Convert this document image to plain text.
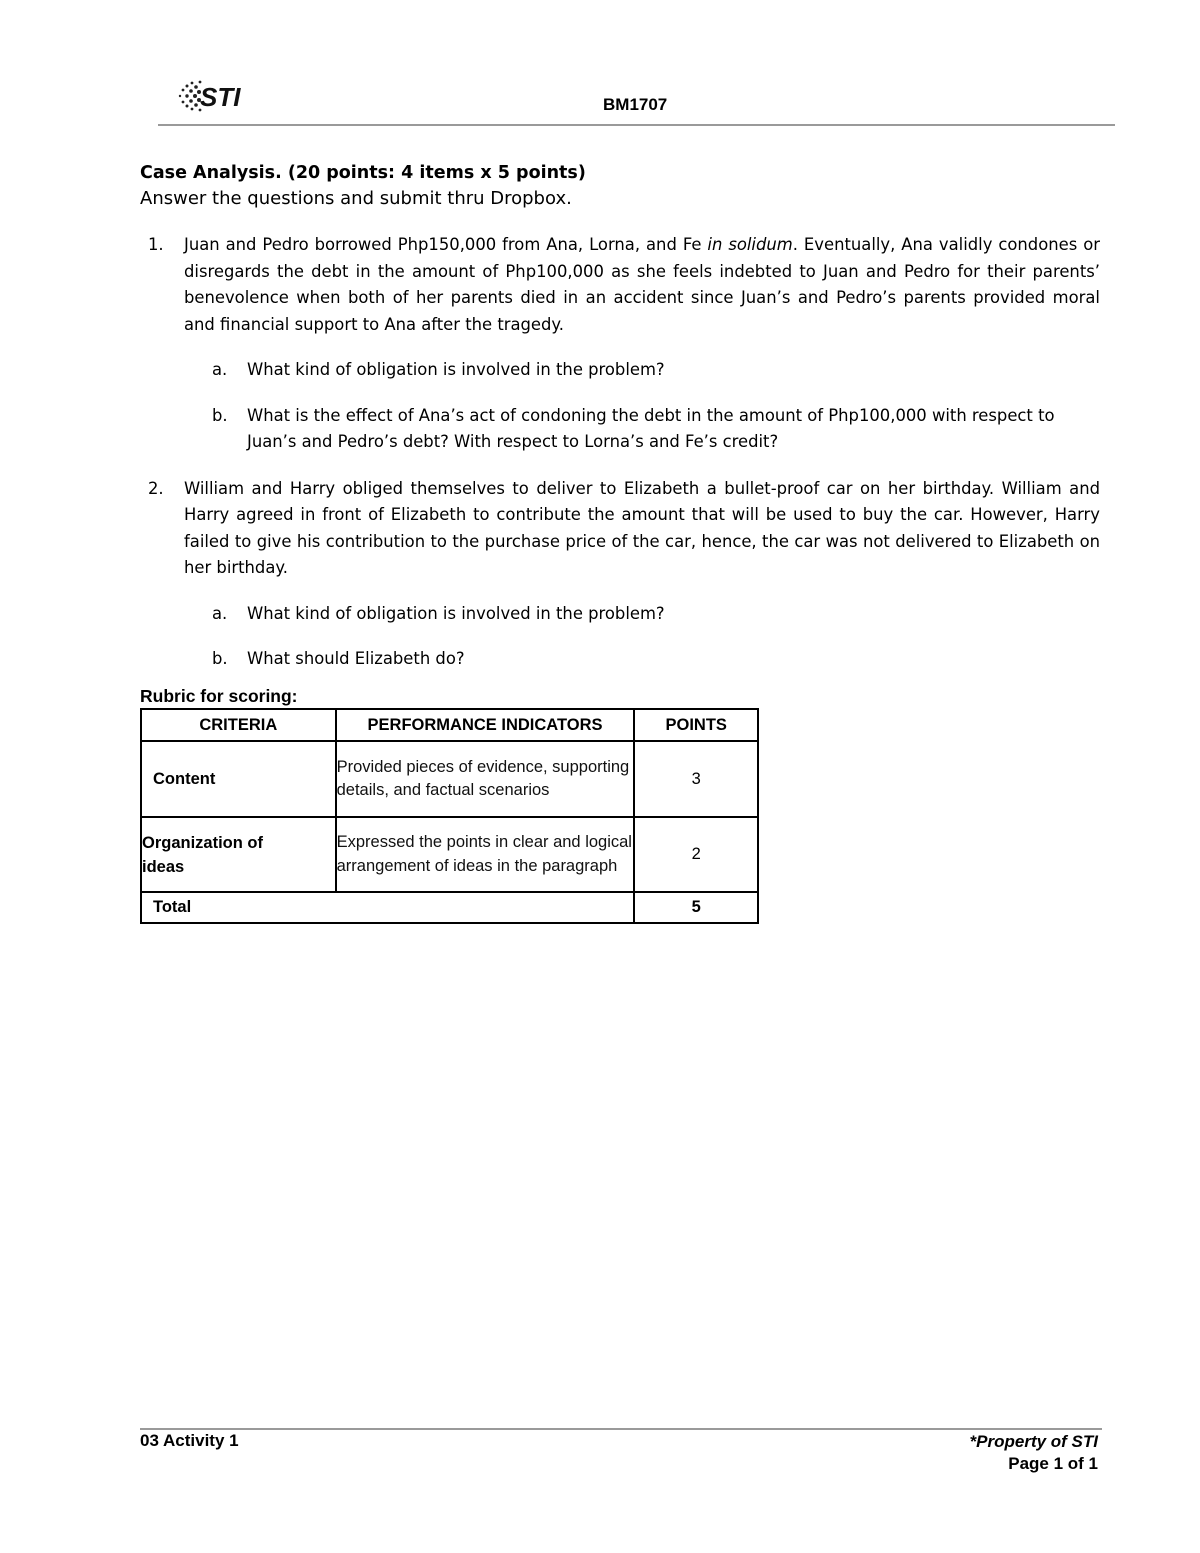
STI	BM1707

Case Analysis. (20 points: 4 items x 5 points)

Answer the questions and submit thru Dropbox.

1. Juan and Pedro borrowed Php150,000 from Ana, Lorna, and Fe in solidum. Eventually, Ana validly condones or disregards the debt in the amount of Php100,000 as she feels indebted to Juan and Pedro for their parents’ benevolence when both of her parents died in an accident since Juan’s and Pedro’s parents provided moral and financial support to Ana after the tragedy.
a. What kind of obligation is involved in the problem?
b. What is the effect of Ana’s act of condoning the debt in the amount of Php100,000 with respect to Juan’s and Pedro’s debt? With respect to Lorna’s and Fe’s credit?
2. William and Harry obliged themselves to deliver to Elizabeth a bullet-proof car on her birthday. William and Harry agreed in front of Elizabeth to contribute the amount that will be used to buy the car. However, Harry failed to give his contribution to the purchase price of the car, hence, the car was not delivered to Elizabeth on her birthday.
a. What kind of obligation is involved in the problem?
b. What should Elizabeth do?
Rubric for scoring:
CRITERIA	PERFORMANCE INDICATORS	POINTS
Content	Provided pieces of evidence, supporting details, and factual scenarios	3
Organization of ideas	Expressed the points in clear and logical arrangement of ideas in the paragraph	2
Total		5
03 Activity 1	*Property of STI
Page 1 of 1
